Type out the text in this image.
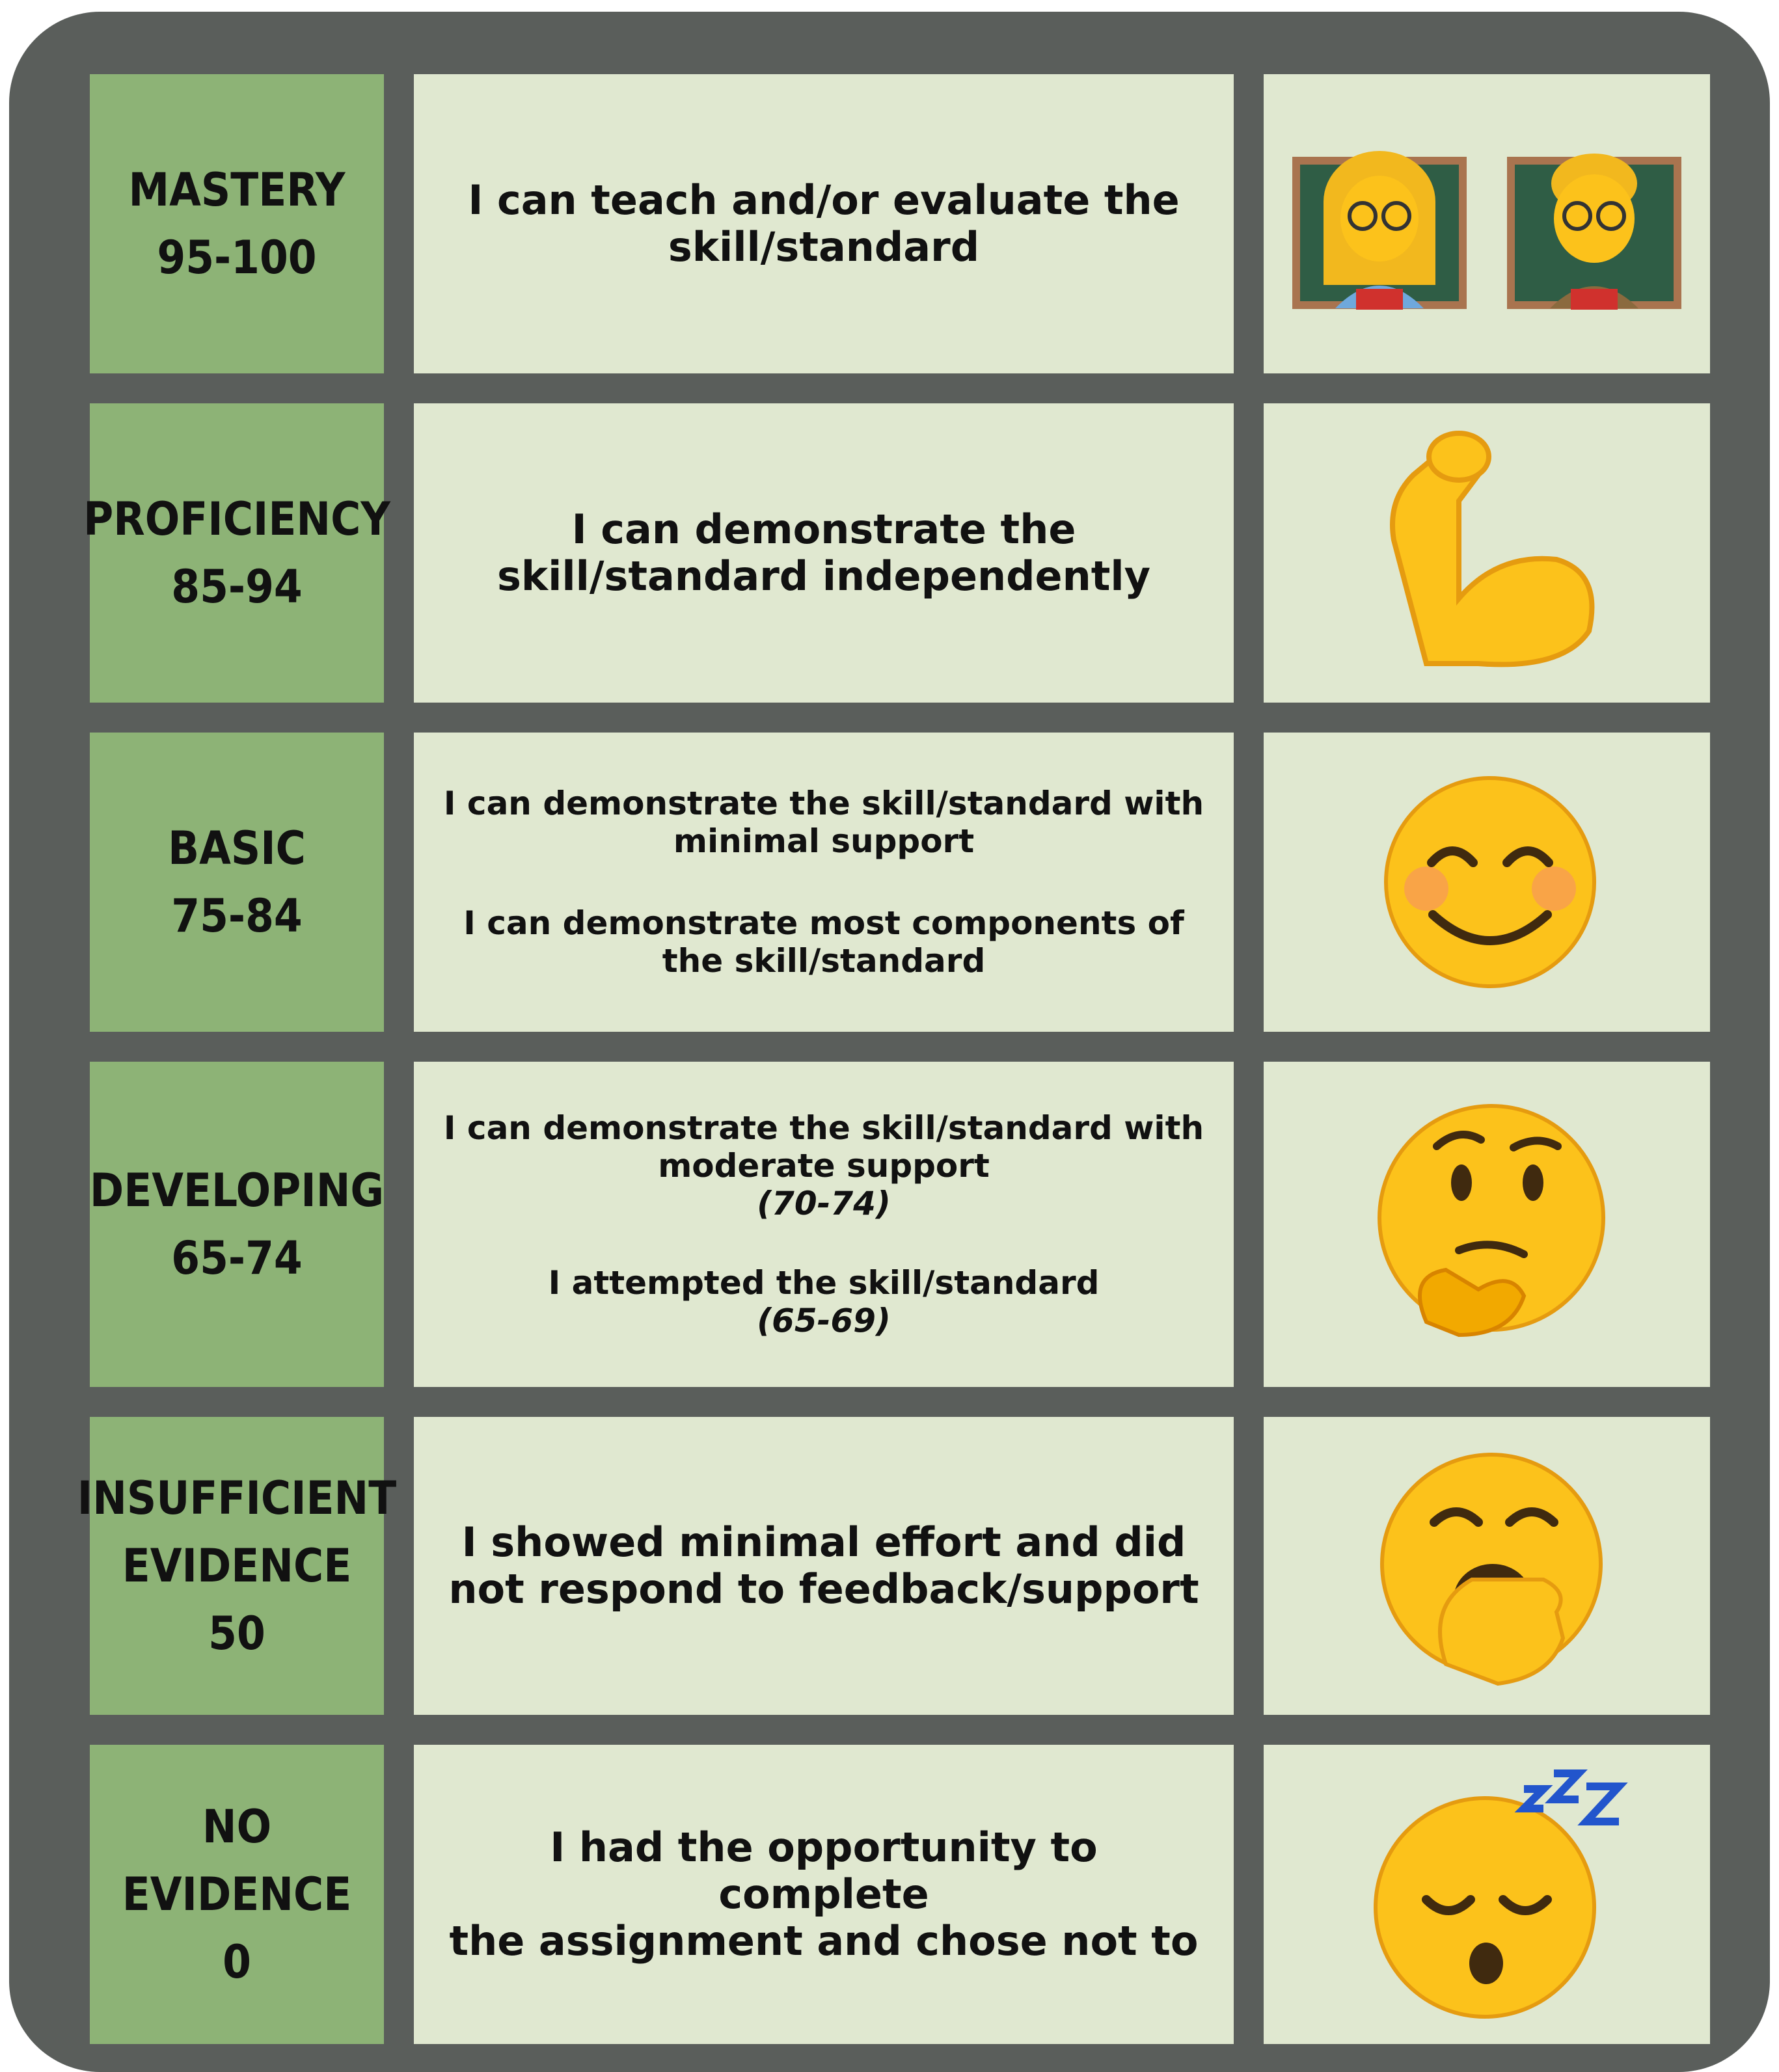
MASTERY
95-100
I can teach and/or evaluate the
skill/standard
PROFICIENCY
85-94
I can demonstrate the
skill/standard independently
BASIC
75-84
I can demonstrate the skill/standard with
minimal support
I can demonstrate most components of
the skill/standard
DEVELOPING
65-74
I can demonstrate the skill/standard with
moderate support
(70-74)
I attempted the skill/standard
(65-69)
INSUFFICIENT
EVIDENCE
50
I showed minimal effort and did
not respond to feedback/support
NO
EVIDENCE
0
I had the opportunity to complete
the assignment and chose not to
